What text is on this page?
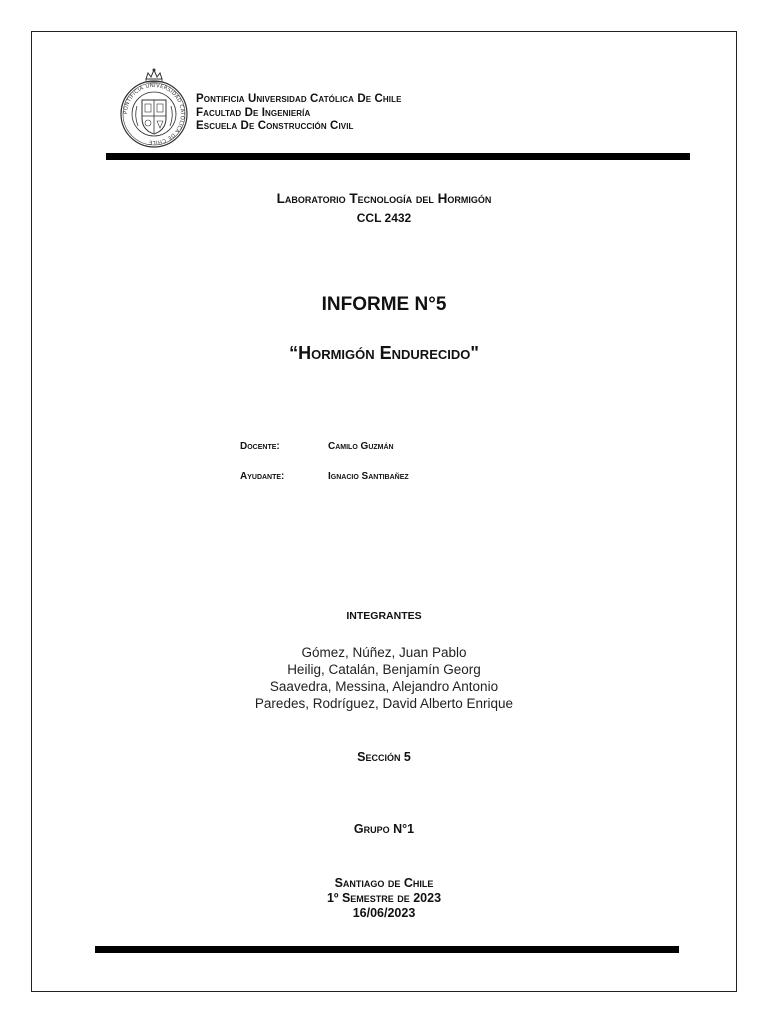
PONTIFICIA UNIVERSIDAD CATÓLICA DE CHILE
Pontificia Universidad Católica De Chile
Facultad De Ingeniería
Escuela De Construcción Civil
Laboratorio Tecnología del Hormigón
CCL 2432
INFORME N°5
“Hormigón Endurecido"
Docente:	Camilo Guzmán
Ayudante:	Ignacio Santibañez
INTEGRANTES
Gómez, Núñez, Juan Pablo
Heilig, Catalán, Benjamín Georg
Saavedra, Messina, Alejandro Antonio
Paredes, Rodríguez, David Alberto Enrique
Sección 5
Grupo N°1
Santiago de Chile
1º Semestre de 2023
16/06/2023
